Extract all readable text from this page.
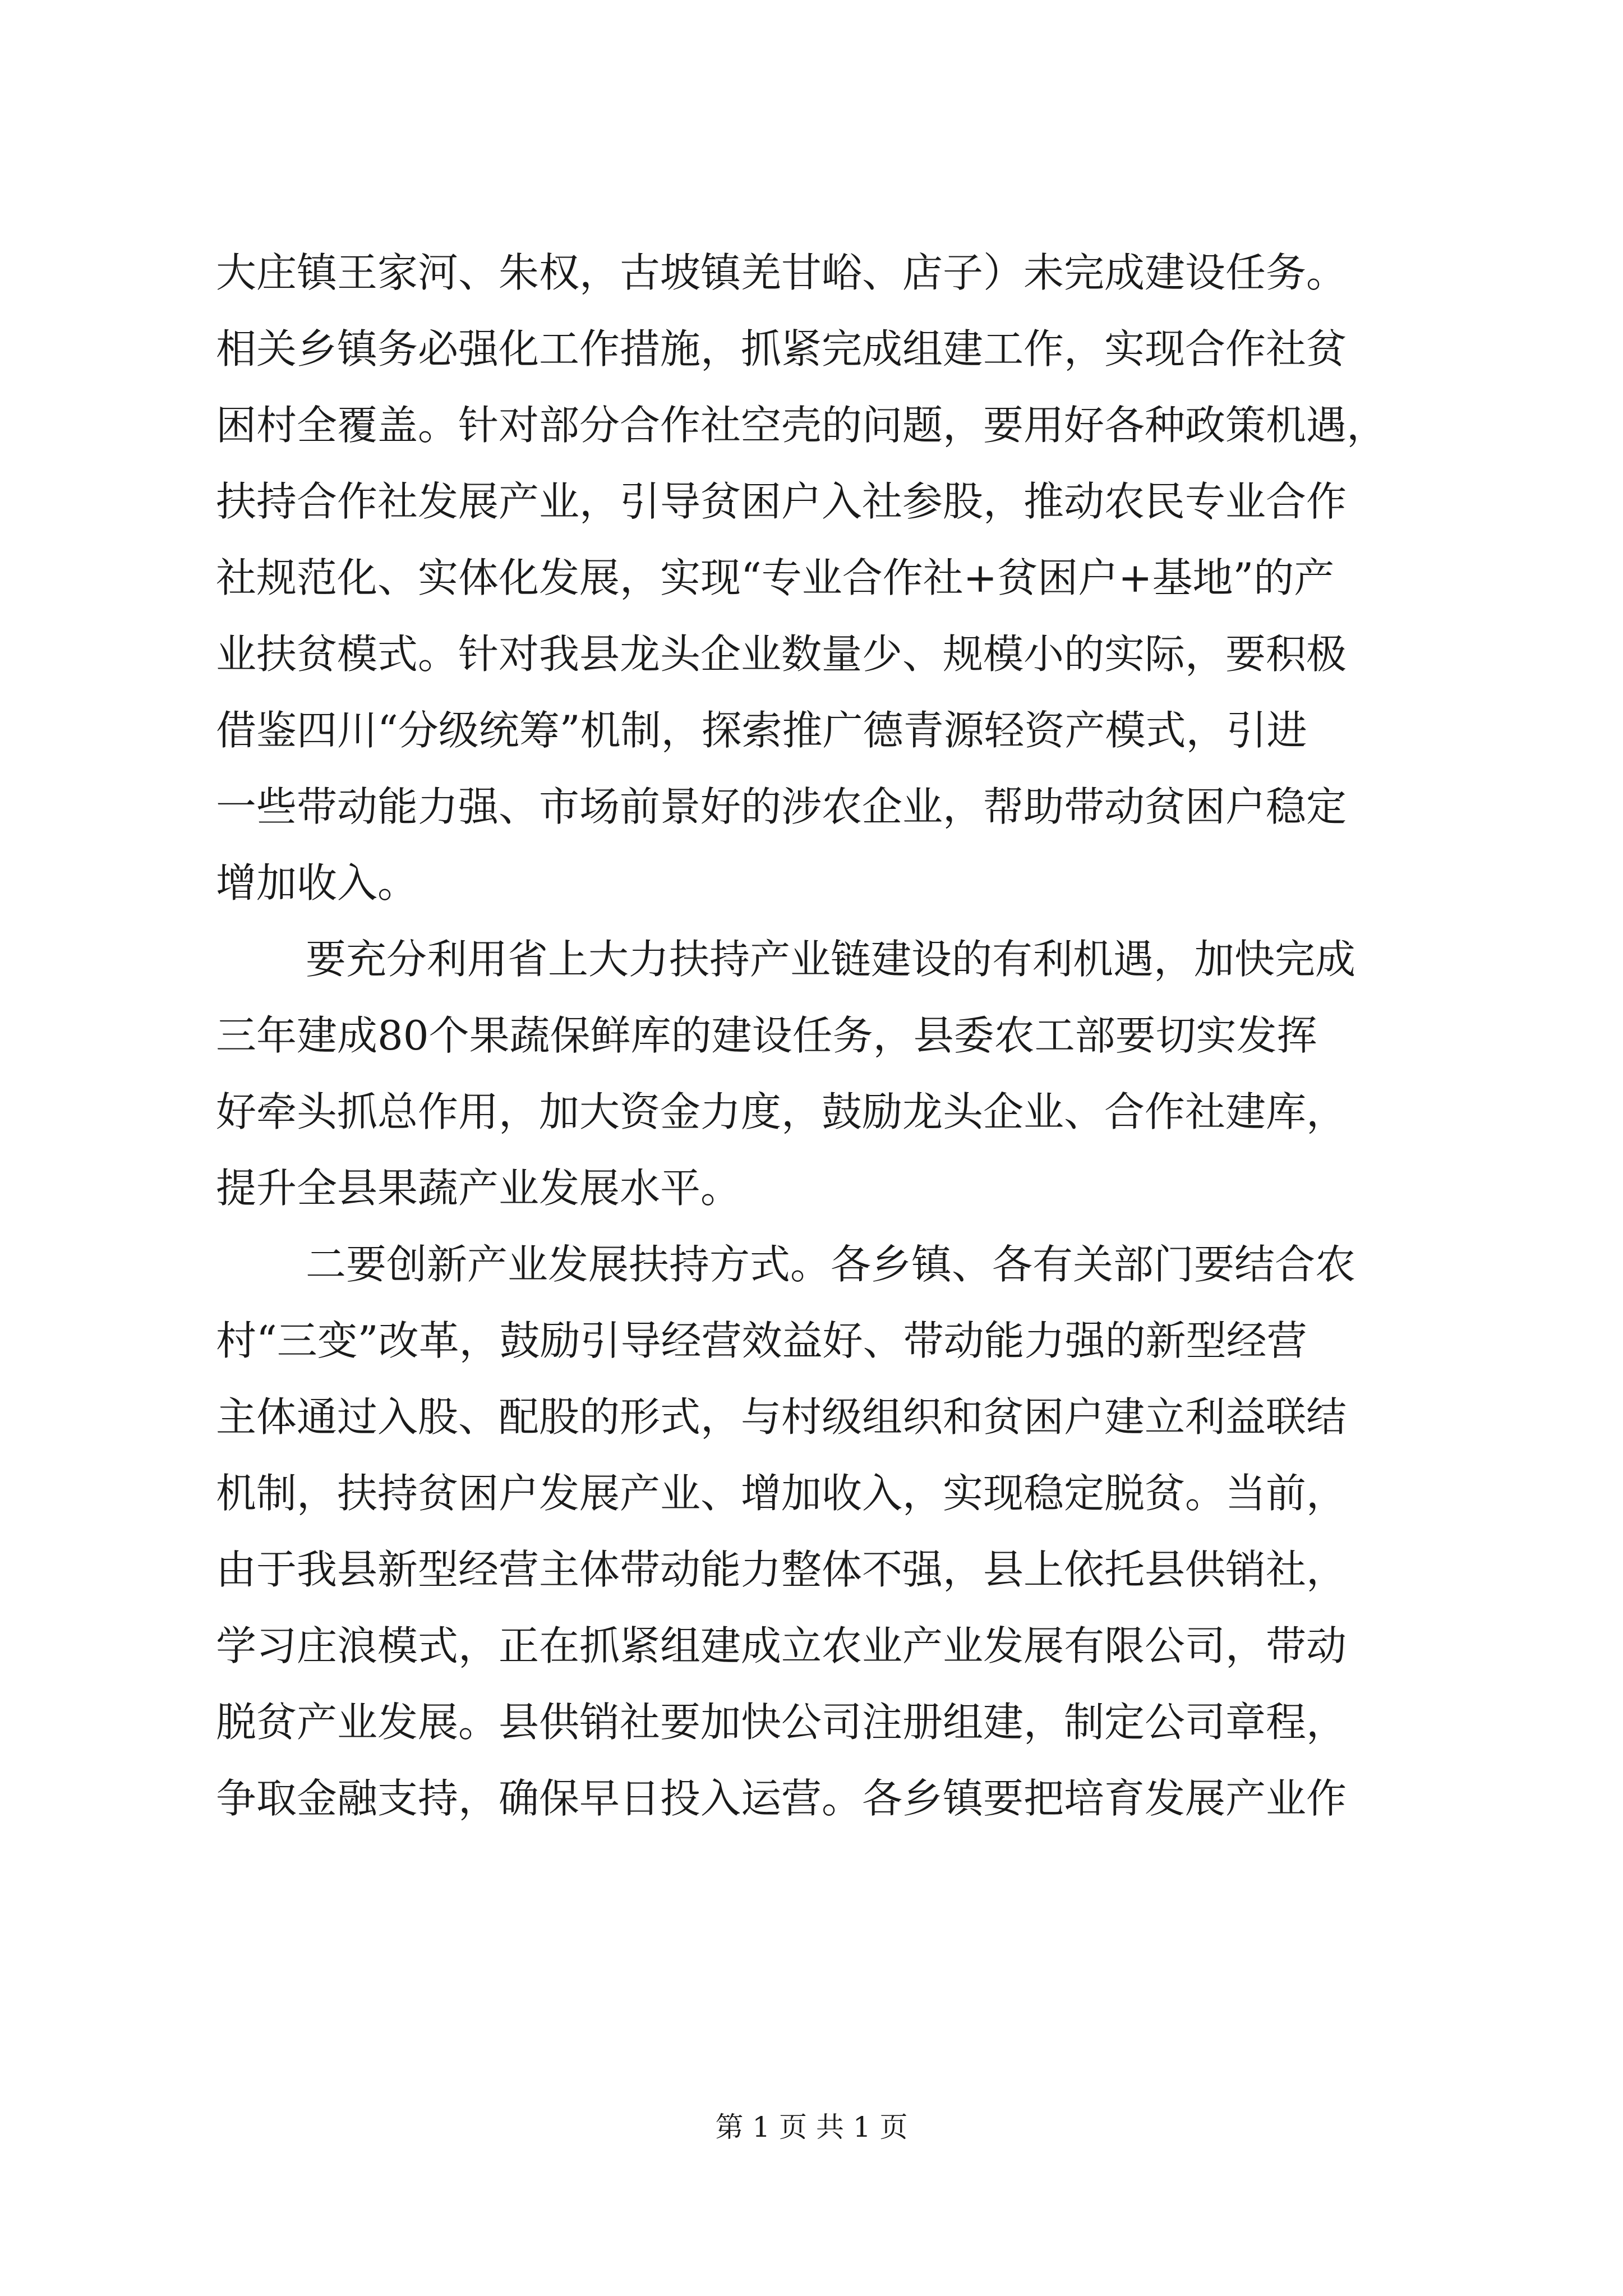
大庄镇王家河、朱权，古坡镇羌甘峪、店子）未完成建设任务。
相关乡镇务必强化工作措施，抓紧完成组建工作，实现合作社贫
困村全覆盖。针对部分合作社空壳的问题，要用好各种政策机遇，
扶持合作社发展产业，引导贫困户入社参股，推动农民专业合作
社规范化、实体化发展，实现“专业合作社+贫困户+基地”的产
业扶贫模式。针对我县龙头企业数量少、规模小的实际，要积极
借鉴四川“分级统筹”机制，探索推广德青源轻资产模式，引进
一些带动能力强、市场前景好的涉农企业，帮助带动贫困户稳定
增加收入。
要充分利用省上大力扶持产业链建设的有利机遇，加快完成
三年建成80个果蔬保鲜库的建设任务，县委农工部要切实发挥
好牵头抓总作用，加大资金力度，鼓励龙头企业、合作社建库，
提升全县果蔬产业发展水平。
二要创新产业发展扶持方式。各乡镇、各有关部门要结合农
村“三变”改革，鼓励引导经营效益好、带动能力强的新型经营
主体通过入股、配股的形式，与村级组织和贫困户建立利益联结
机制，扶持贫困户发展产业、增加收入，实现稳定脱贫。当前，
由于我县新型经营主体带动能力整体不强，县上依托县供销社，
学习庄浪模式，正在抓紧组建成立农业产业发展有限公司，带动
脱贫产业发展。县供销社要加快公司注册组建，制定公司章程，
争取金融支持，确保早日投入运营。各乡镇要把培育发展产业作
第 1 页 共 1 页
